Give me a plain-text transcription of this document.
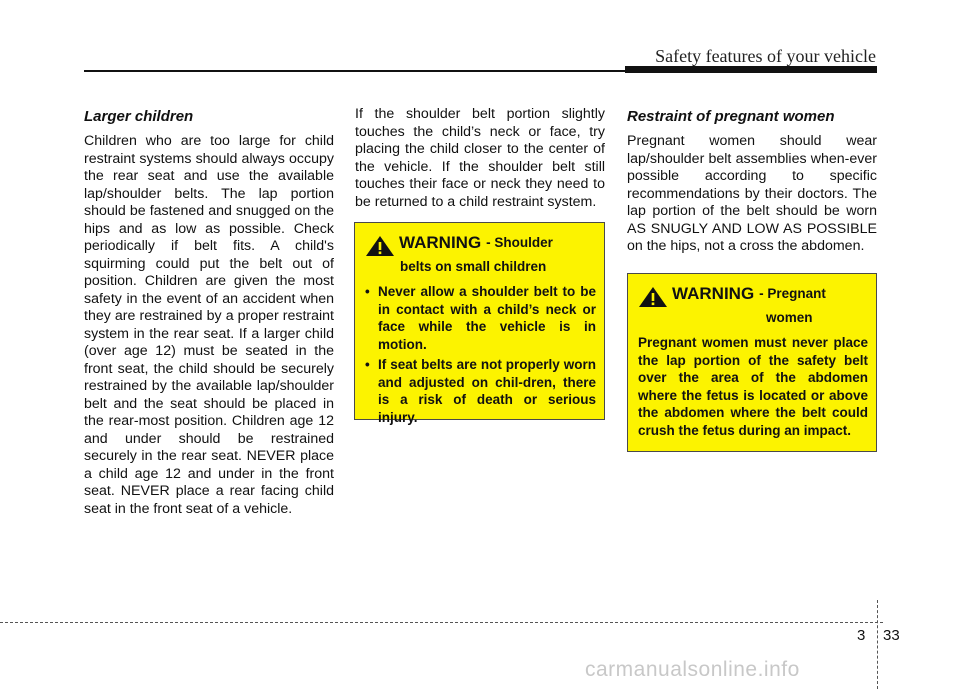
Safety features of your vehicle
Larger children

Children who are too large for child restraint systems should always occupy the rear seat and use the available lap/shoulder belts. The lap portion should be fastened and snugged on the hips and as low as possible. Check periodically if belt fits. A child's squirming could put the belt out of position. Children are given the most safety in the event of an accident when they are restrained by a proper restraint system in the rear seat. If a larger child (over age 12) must be seated in the front seat, the child should be securely restrained by the available lap/shoulder belt and the seat should be placed in the rear-most position. Children age 12 and under should be restrained securely in the rear seat. NEVER place a child age 12 and under in the front seat. NEVER place a rear facing child seat in the front seat of a vehicle.

If the shoulder belt portion slightly touches the child’s neck or face, try placing the child closer to the center of the vehicle. If the shoulder belt still touches their face or neck they need to be returned to a child restraint system.

WARNING - Shoulder
belts on small children
• Never allow a shoulder belt to be in contact with a child’s neck or face while the vehicle is in motion.
• If seat belts are not properly worn and adjusted on chil-dren, there is a risk of death or serious injury.
Restraint of pregnant women

Pregnant women should wear lap/shoulder belt assemblies when-ever possible according to specific recommendations by their doctors. The lap portion of the belt should be worn AS SNUGLY AND LOW AS POSSIBLE on the hips, not a cross the abdomen.

WARNING - Pregnant
women

Pregnant women must never place the lap portion of the safety belt over the area of the abdomen where the fetus is located or above the abdomen where the belt could crush the fetus during an impact.

3 33
carmanualsonline.info
